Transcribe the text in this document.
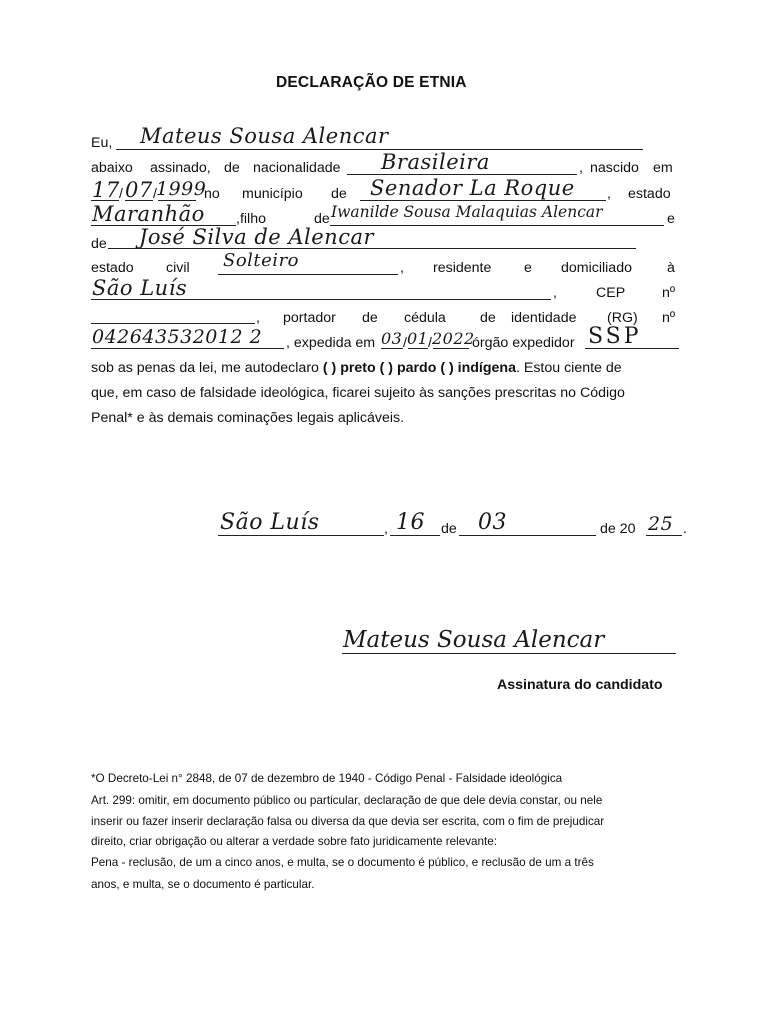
DECLARAÇÃO DE ETNIA
Eu, Mateus Sousa Alencar
abaixo assinado, de nacionalidade Brasileira	, nascido em
17 / 07 / 1999
no município de Senador La Roque , estado
Maranhão ,filho	de Iwanilde Sousa Malaquias Alencar	e
de José Silva de Alencar
estado civil Solteiro	, residente e domiciliado à
São Luís	,	CEP	nº
, portador de cédula de identidade (RG) nº
042643532012 2 , expedida em 03 / 01 / 2022
órgão expedidor SSP
sob as penas da lei, me autodeclaro ( ) preto ( ) pardo ( ) indígena. Estou ciente de
que, em caso de falsidade ideológica, ficarei sujeito às sanções prescritas no Código
Penal* e às demais cominações legais aplicáveis.
São Luís	, 16 de 03	de 20 25 .
Mateus Sousa Alencar
Assinatura do candidato
*O Decreto-Lei n° 2848, de 07 de dezembro de 1940 - Código Penal - Falsidade ideológica
Art. 299: omitir, em documento público ou particular, declaração de que dele devia constar, ou nele
inserir ou fazer inserir declaração falsa ou diversa da que devia ser escrita, com o fim de prejudicar
direito, criar obrigação ou alterar a verdade sobre fato juridicamente relevante:
Pena - reclusão, de um a cinco anos, e multa, se o documento é público, e reclusão de um a três
anos, e multa, se o documento é particular.
